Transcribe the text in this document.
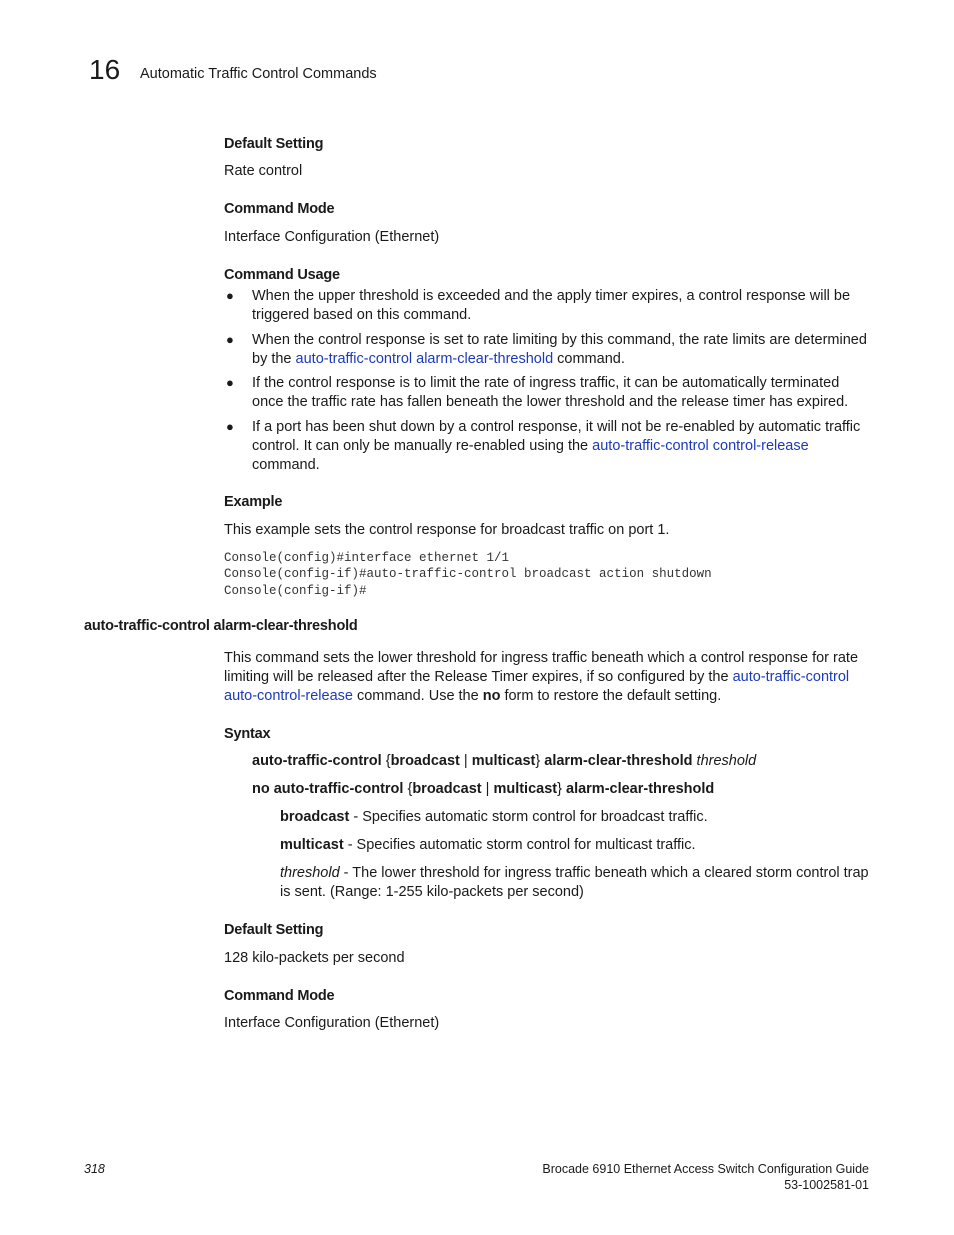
16 Automatic Traffic Control Commands
Default Setting
Rate control
Command Mode
Interface Configuration (Ethernet)
Command Usage
● When the upper threshold is exceeded and the apply timer expires, a control response will be triggered based on this command.
● When the control response is set to rate limiting by this command, the rate limits are determined by the auto-traffic-control alarm-clear-threshold command.
● If the control response is to limit the rate of ingress traffic, it can be automatically terminated once the traffic rate has fallen beneath the lower threshold and the release timer has expired.
● If a port has been shut down by a control response, it will not be re-enabled by automatic traffic control. It can only be manually re-enabled using the auto-traffic-control control-release command.
Example
This example sets the control response for broadcast traffic on port 1.
Console(config)#interface ethernet 1/1
Console(config-if)#auto-traffic-control broadcast action shutdown
Console(config-if)#
auto-traffic-control alarm-clear-threshold
This command sets the lower threshold for ingress traffic beneath which a control response for rate limiting will be released after the Release Timer expires, if so configured by the auto-traffic-control auto-control-release command. Use the no form to restore the default setting.
Syntax
auto-traffic-control {broadcast | multicast} alarm-clear-threshold threshold
no auto-traffic-control {broadcast | multicast} alarm-clear-threshold
broadcast - Specifies automatic storm control for broadcast traffic.
multicast - Specifies automatic storm control for multicast traffic.
threshold - The lower threshold for ingress traffic beneath which a cleared storm control trap is sent. (Range: 1-255 kilo-packets per second)
Default Setting
128 kilo-packets per second
Command Mode
Interface Configuration (Ethernet)
318	Brocade 6910 Ethernet Access Switch Configuration Guide
53-1002581-01
